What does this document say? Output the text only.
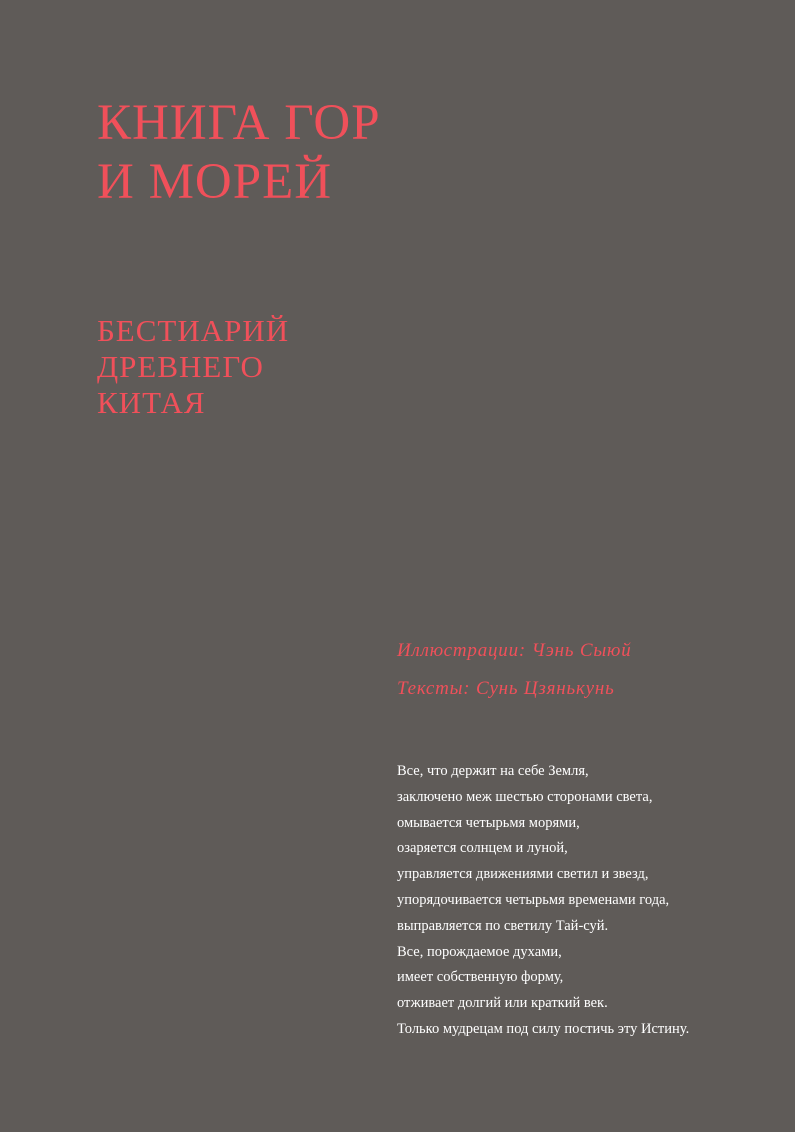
КНИГА ГОР
И МОРЕЙ
БЕСТИАРИЙ
ДРЕВНЕГО
КИТАЯ
Иллюстрации: Чэнь Сыюй
Тексты: Сунь Цзянькунь
Все, что держит на себе Земля,
заключено меж шестью сторонами света,
омывается четырьмя морями,
озаряется солнцем и луной,
управляется движениями светил и звезд,
упорядочивается четырьмя временами года,
выправляется по светилу Тай-суй.
Все, порождаемое духами,
имеет собственную форму,
отживает долгий или краткий век.
Только мудрецам под силу постичь эту Истину.
